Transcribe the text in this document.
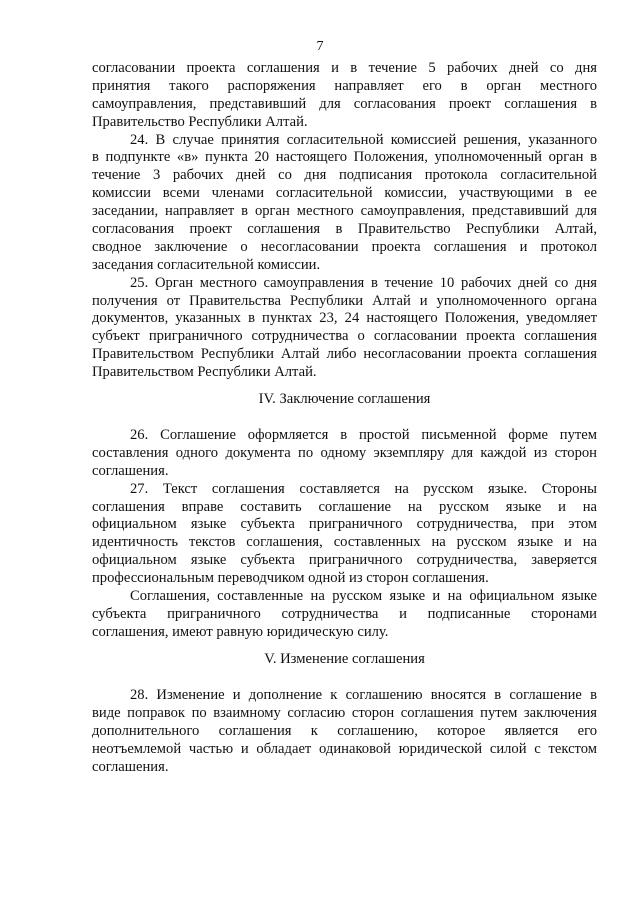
7
согласовании проекта соглашения и в течение 5 рабочих дней со дня
принятия такого распоряжения направляет его в орган местного
самоуправления, представивший для согласования проект соглашения в
Правительство Республики Алтай.
24. В случае принятия согласительной комиссией решения, указанного
в подпункте «в» пункта 20 настоящего Положения, уполномоченный орган в
течение 3 рабочих дней со дня подписания протокола согласительной
комиссии всеми членами согласительной комиссии, участвующими в ее
заседании, направляет в орган местного самоуправления, представивший для
согласования проект соглашения в Правительство Республики Алтай,
сводное заключение о несогласовании проекта соглашения и протокол
заседания согласительной комиссии.
25. Орган местного самоуправления в течение 10 рабочих дней со дня
получения от Правительства Республики Алтай и уполномоченного органа
документов, указанных в пунктах 23, 24 настоящего Положения, уведомляет
субъект приграничного сотрудничества о согласовании проекта соглашения
Правительством Республики Алтай либо несогласовании проекта соглашения
Правительством Республики Алтай.
IV. Заключение соглашения
26. Соглашение оформляется в простой письменной форме путем
составления одного документа по одному экземпляру для каждой из сторон
соглашения.
27. Текст соглашения составляется на русском языке. Стороны
соглашения вправе составить соглашение на русском языке и на
официальном языке субъекта приграничного сотрудничества, при этом
идентичность текстов соглашения, составленных на русском языке и на
официальном языке субъекта приграничного сотрудничества, заверяется
профессиональным переводчиком одной из сторон соглашения.
Соглашения, составленные на русском языке и на официальном языке
субъекта приграничного сотрудничества и подписанные сторонами
соглашения, имеют равную юридическую силу.
V. Изменение соглашения
28. Изменение и дополнение к соглашению вносятся в соглашение в
виде поправок по взаимному согласию сторон соглашения путем заключения
дополнительного соглашения к соглашению, которое является его
неотъемлемой частью и обладает одинаковой юридической силой с текстом
соглашения.
